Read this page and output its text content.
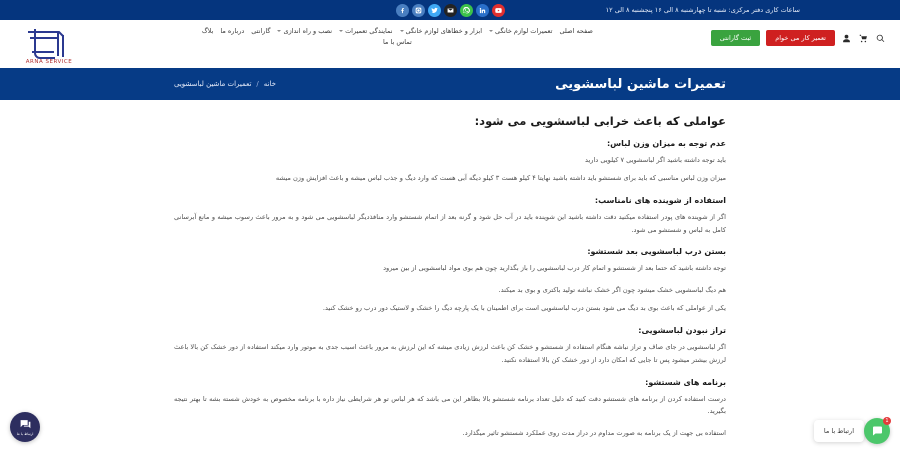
ساعات کاری دفتر مرکزی: شنبه تا چهارشنبه ۸ الی ۱۶ پنجشنبه ۸ الی ۱۲
تعمیر کار می خوام
ثبت گارانتی
صفحه اصلی
تعمیرات لوازم خانگی
ابزار و خطاهای لوازم خانگی
نمایندگی تعمیرات
نصب و راه اندازی
گارانتی
درباره ما
بلاگ
تماس با ما
ARNA SERVICE
تعمیرات ماشین لباسشویی
خانه
/
تعمیرات ماشین لباسشویی
عواملی که باعث خرابی لباسشویی می شود:
عدم توجه به میزان وزن لباس:

باید توجه داشته باشید اگر لباسشویی ۷ کیلویی دارید

میزان وزن لباس مناسبی که باید برای شستشو باید داشته باشید نهایتا ۴ کیلو هست ۳ کیلو دیگه آبی هست که وارد دیگ و جذب لباس میشه و باعث افزایش وزن میشه

استفاده از شوینده های نامناسب:

اگر از شوینده های پودر استفاده میکنید دقت داشته باشید این شوینده باید در آب حل شود و گرنه بعد از اتمام شستشو وارد منافذدیگر لباسشویی می شود و به مرور باعث رسوب میشه و مانع آبرسانی کامل به لباس و شستشو می شود.

بستن درب لباسشویی بعد شستشو:

توجه داشته باشید که حتما بعد از شستشو و اتمام کار درب لباسشویی را باز بگذارید چون هم بوی مواد لباسشویی از بین میرود

هم دیگ لباسشویی خشک میشود چون اگر خشک نباشه تولید باکتری و بوی بد میکند.

یکی از عواملی که باعث بوی بد دیگ می شود بستن درب لباسشویی است برای اطمینان با یک پارچه دیگ را خشک و لاستیک دور درب رو خشک کنید.

تراز نبودن لباسشویی:

اگر لباسشویی در جای صاف و تراز نباشه هنگام استفاده از شستشو و خشک کن باعث لرزش زیادی میشه که این لرزش به مرور باعث اسیب جدی به موتور وارد میکند استفاده از دور خشک کن بالا باعث لرزش بیشتر میشود پس تا جایی که امکان دارد از دور خشک کن بالا استفاده نکنید.

برنامه های شستشو:

درست استفاده کردن از برنامه های شستشو دقت کنید که دلیل تعداد برنامه شستشو بالا بظاهر این می باشد که هر لباس تو هر شرایطی نیاز داره با برنامه مخصوص به خودش شسته بشه تا بهتر نتیجه بگیرید.

استفاده بی جهت از یک برنامه به صورت مداوم در دراز مدت روی عملکرد شستشو تاثیر میگذارد.

ارتباط با ما
1
ارتباط با ما
